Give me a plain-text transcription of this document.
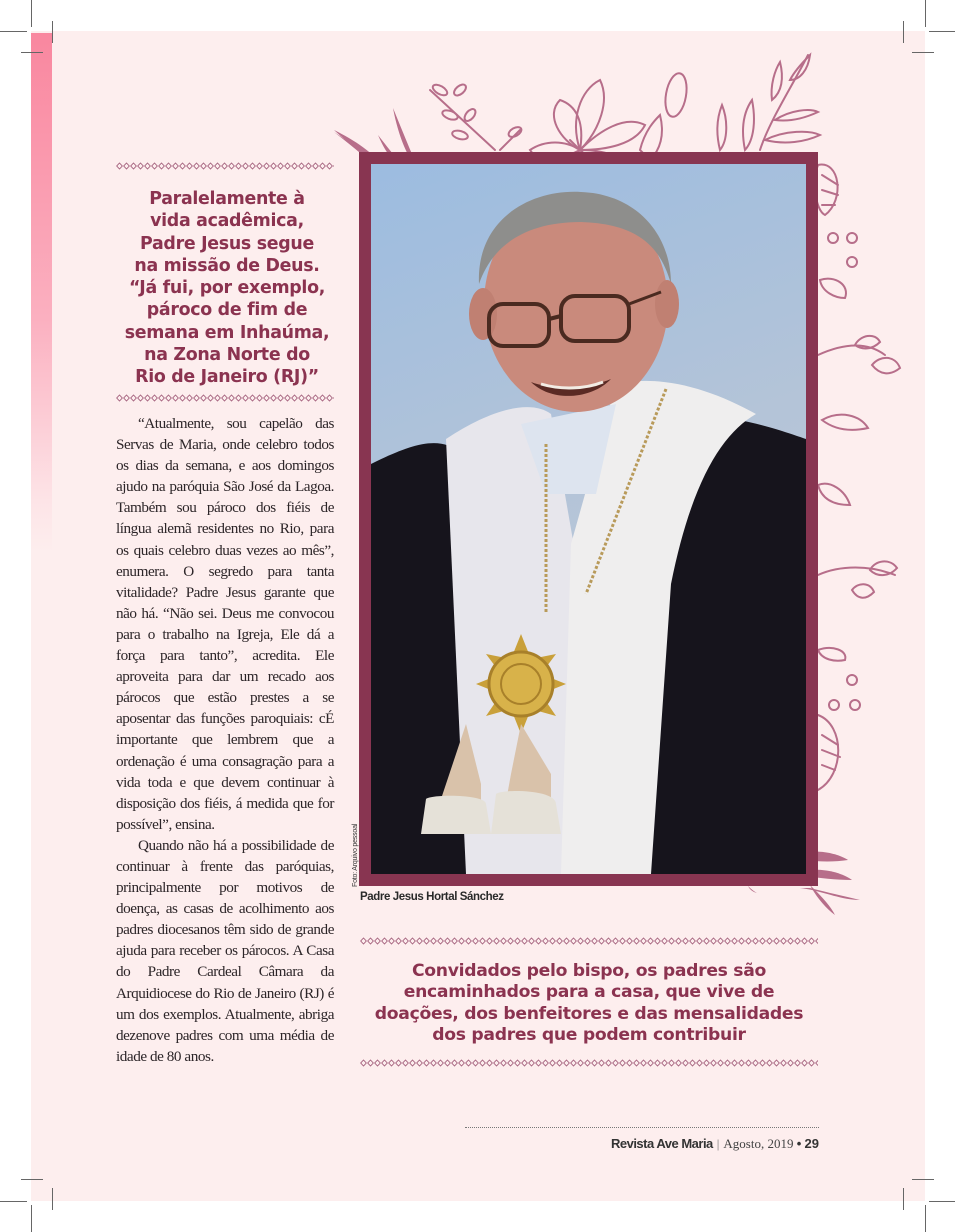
Paralelamente à
vida acadêmica,
Padre Jesus segue
na missão de Deus.
“Já fui, por exemplo,
pároco de fim de
semana em Inhaúma,
na Zona Norte do
Rio de Janeiro (RJ)”

“Atualmente, sou capelão das Servas de Maria, onde celebro todos os dias da semana, e aos domingos ajudo na paróquia São José da Lagoa. Também sou pároco dos fiéis de língua alemã residentes no Rio, para os quais celebro duas vezes ao mês”, enumera. O segredo para tanta vitalidade? Padre Jesus garante que não há. “Não sei. Deus me convocou para o trabalho na Igreja, Ele dá a força para tanto”, acredita. Ele aproveita para dar um recado aos párocos que estão prestes a se aposentar das funções paroquiais: cÉ importante que lembrem que a ordenação é uma consagração para a vida toda e que devem continuar à disposição dos fiéis, á medida que for possível”, ensina.

Quando não há a possibilidade de continuar à frente das paróquias, principalmente por motivos de doença, as casas de acolhimento aos padres diocesanos têm sido de grande ajuda para receber os párocos. A Casa do Padre Cardeal Câmara da Arquidiocese do Rio de Janeiro (RJ) é um dos exemplos. Atualmente, abriga dezenove padres com uma média de idade de 80 anos.

Foto: Arquivo pessoal
Padre Jesus Hortal Sánchez
Convidados pelo bispo, os padres são
encaminhados para a casa, que vive de
doações, dos benfeitores e das mensalidades
dos padres que podem contribuir
Revista Ave Maria | Agosto, 2019 • 29
